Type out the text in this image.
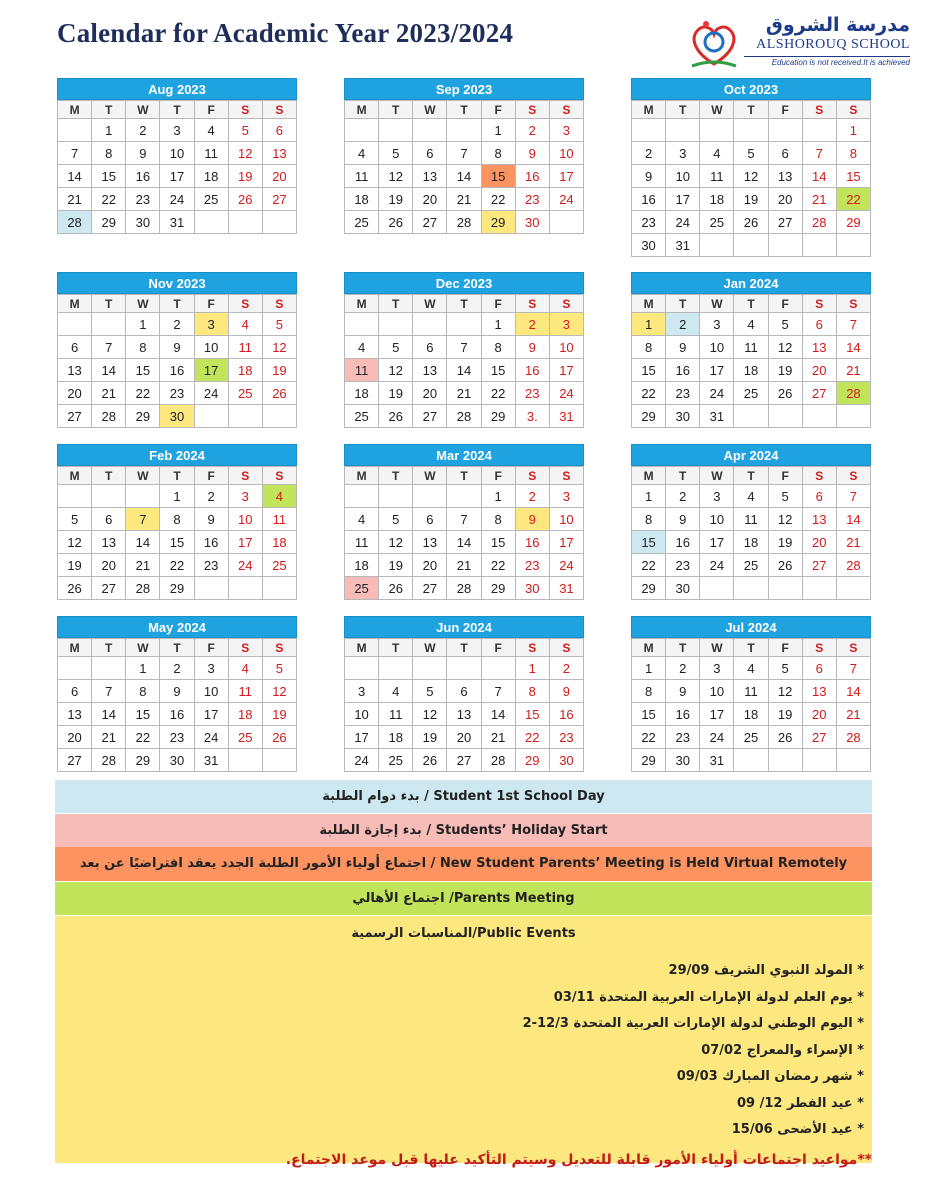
Calendar for Academic Year 2023/2024	مدرسة الشروق
ALSHOROUQ SCHOOL
Education is not received.It is achieved
Aug 2023
M	T	W	T	F	S	S
	1	2	3	4	5	6
7	8	9	10	11	12	13
14	15	16	17	18	19	20
21	22	23	24	25	26	27
28	29	30	31			
Sep 2023
M	T	W	T	F	S	S
				1	2	3
4	5	6	7	8	9	10
11	12	13	14	15	16	17
18	19	20	21	22	23	24
25	26	27	28	29	30	
Oct 2023
M	T	W	T	F	S	S
						1
2	3	4	5	6	7	8
9	10	11	12	13	14	15
16	17	18	19	20	21	22
23	24	25	26	27	28	29
30	31					
Nov 2023
M	T	W	T	F	S	S
		1	2	3	4	5
6	7	8	9	10	11	12
13	14	15	16	17	18	19
20	21	22	23	24	25	26
27	28	29	30			
Dec 2023
M	T	W	T	F	S	S
				1	2	3
4	5	6	7	8	9	10
11	12	13	14	15	16	17
18	19	20	21	22	23	24
25	26	27	28	29	3.	31
Jan 2024
M	T	W	T	F	S	S
1	2	3	4	5	6	7
8	9	10	11	12	13	14
15	16	17	18	19	20	21
22	23	24	25	26	27	28
29	30	31				
Feb 2024
M	T	W	T	F	S	S
			1	2	3	4
5	6	7	8	9	10	11
12	13	14	15	16	17	18
19	20	21	22	23	24	25
26	27	28	29			
Mar 2024
M	T	W	T	F	S	S
				1	2	3
4	5	6	7	8	9	10
11	12	13	14	15	16	17
18	19	20	21	22	23	24
25	26	27	28	29	30	31
Apr 2024
M	T	W	T	F	S	S
1	2	3	4	5	6	7
8	9	10	11	12	13	14
15	16	17	18	19	20	21
22	23	24	25	26	27	28
29	30					
May 2024
M	T	W	T	F	S	S
		1	2	3	4	5
6	7	8	9	10	11	12
13	14	15	16	17	18	19
20	21	22	23	24	25	26
27	28	29	30	31		
Jun 2024
M	T	W	T	F	S	S
					1	2
3	4	5	6	7	8	9
10	11	12	13	14	15	16
17	18	19	20	21	22	23
24	25	26	27	28	29	30
Jul 2024
M	T	W	T	F	S	S
1	2	3	4	5	6	7
8	9	10	11	12	13	14
15	16	17	18	19	20	21
22	23	24	25	26	27	28
29	30	31				
بدء دوام الطلبة / Student 1st School Day
بدء إجازة الطلبة / Students’ Holiday Start
اجتماع أولياء الأمور الطلبة الجدد يعقد افتراضيًا عن بعد / New Student Parents’ Meeting is Held Virtual Remotely
اجتماع الأهالي /Parents Meeting
المناسبات الرسمية/Public Events
* المولد النبوي الشريف 29/09
* يوم العلم لدولة الإمارات العربية المتحدة 03/11
* اليوم الوطني لدولة الإمارات العربية المتحدة 12/3-2
* الإسراء والمعراج 07/02
* شهر رمضان المبارك 09/03
* عيد الفطر 12/ 09
* عيد الأضحى 15/06
**مواعيد اجتماعات أولياء الأمور قابلة للتعديل وسيتم التأكيد عليها قبل موعد الاجتماع.
